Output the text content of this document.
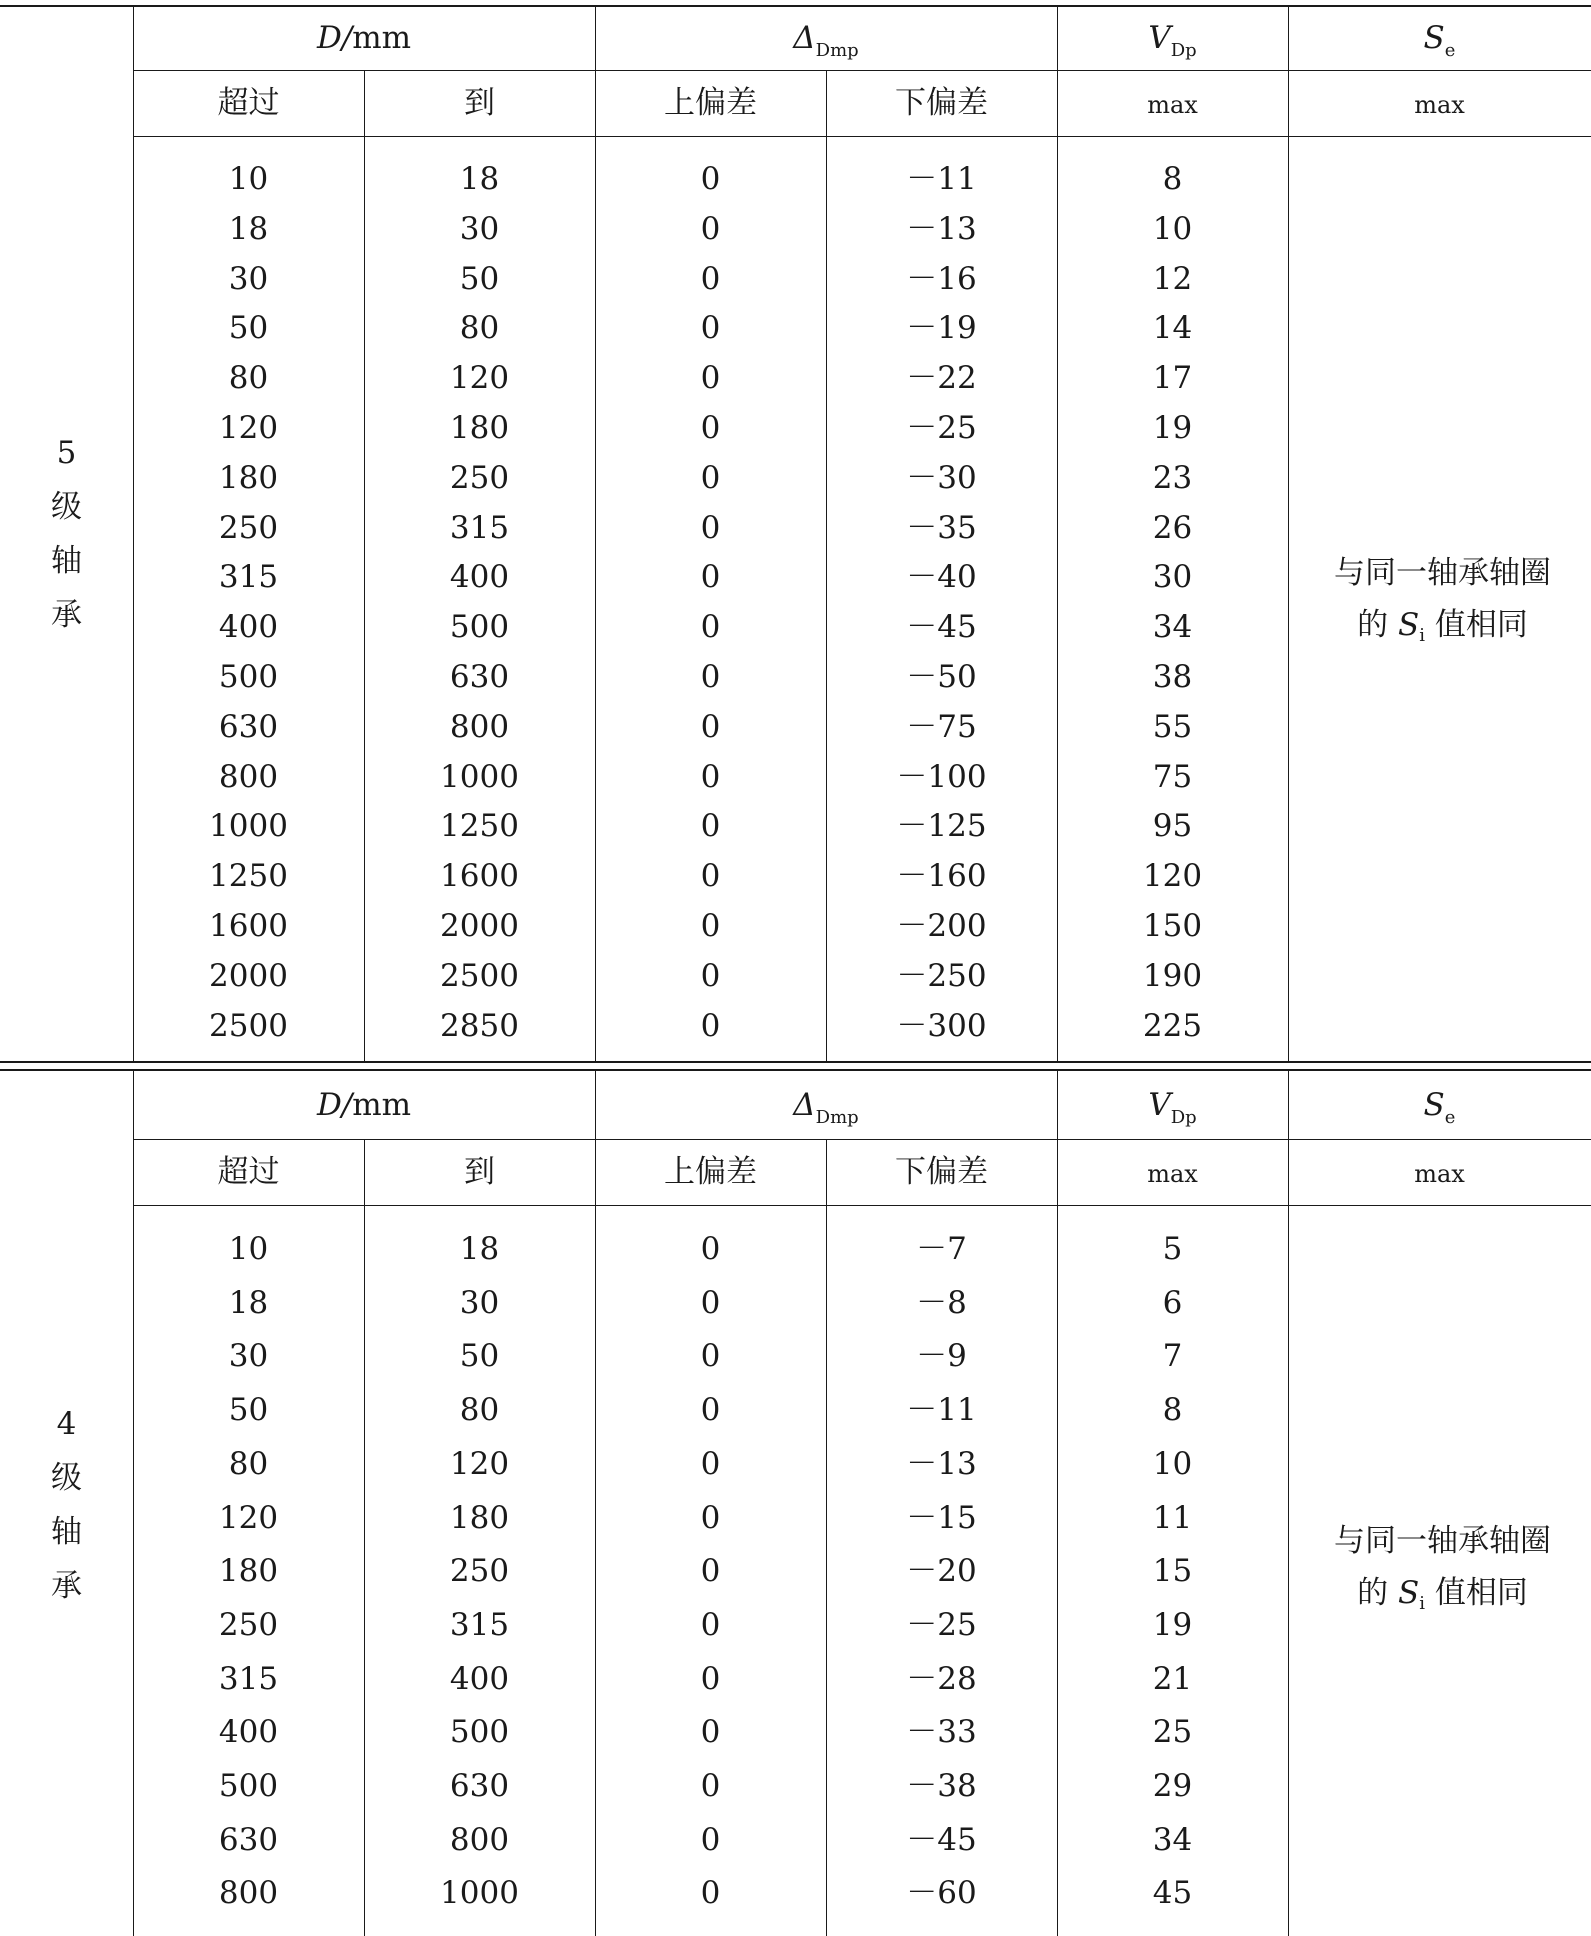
D/mm	$\Delta_{Dmp}$	$V_{Dp}$	$S_e$
超过	到	上偏差	下偏差	max	max
5
级
轴
承
与同一轴承轴圈
的 $S_i$ 值相同
10	18	0	－11	8
18	30	0	－13	10
30	50	0	－16	12
50	80	0	－19	14
80	120	0	－22	17
120	180	0	－25	19
180	250	0	－30	23
250	315	0	－35	26
315	400	0	－40	30
400	500	0	－45	34
500	630	0	－50	38
630	800	0	－75	55
800	1000	0	－100	75
1000	1250	0	－125	95
1250	1600	0	－160	120
1600	2000	0	－200	150
2000	2500	0	－250	190
2500	2850	0	－300	225
D/mm	$\Delta_{Dmp}$	$V_{Dp}$	$S_e$
超过	到	上偏差	下偏差	max	max
4
级
轴
承
与同一轴承轴圈
的 $S_i$ 值相同
10	18	0	－7	5
18	30	0	－8	6
30	50	0	－9	7
50	80	0	－11	8
80	120	0	－13	10
120	180	0	－15	11
180	250	0	－20	15
250	315	0	－25	19
315	400	0	－28	21
400	500	0	－33	25
500	630	0	－38	29
630	800	0	－45	34
800	1000	0	－60	45
